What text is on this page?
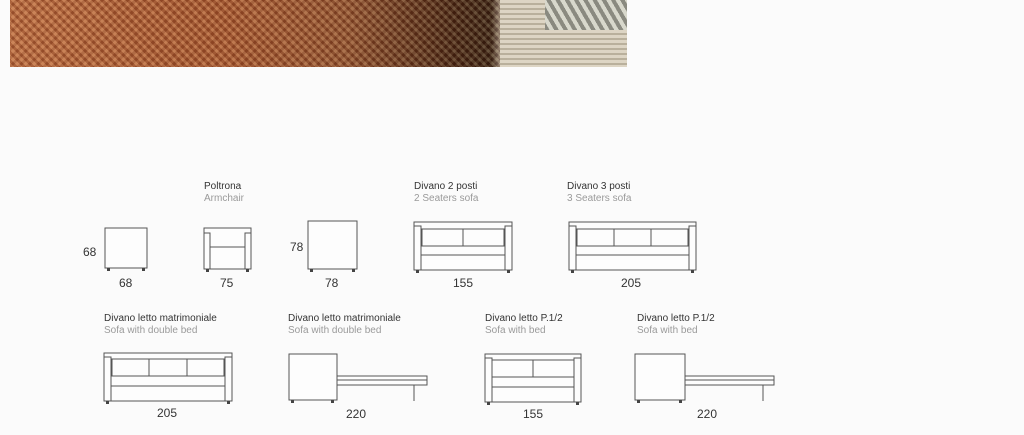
Poltrona
Armchair
Divano 2 posti
2 Seaters sofa
Divano 3 posti
3 Seaters sofa
Divano letto matrimoniale
Sofa with double bed
Divano letto matrimoniale
Sofa with double bed
Divano letto P.1/2
Sofa with bed
Divano letto P.1/2
Sofa with bed
68
68	75
78
78	155	205
205	220	155	220
